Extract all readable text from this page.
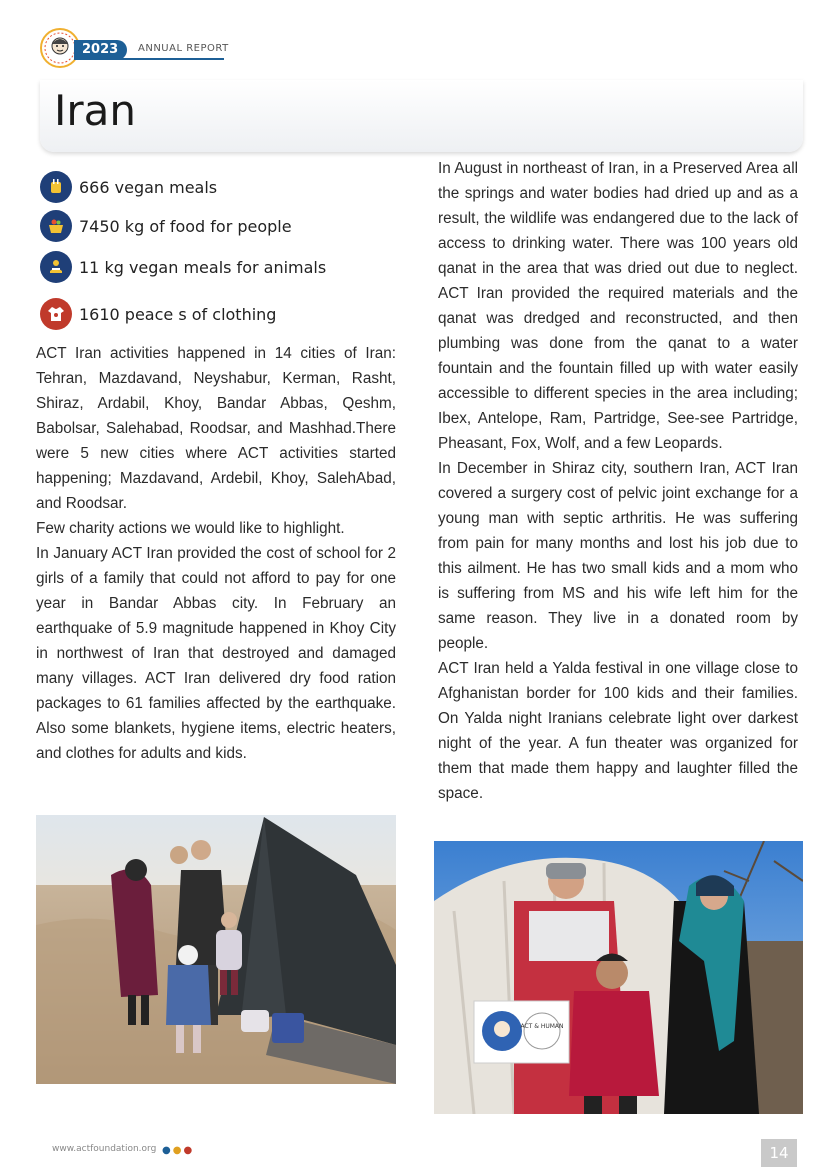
2023	ANNUAL REPORT
Iran
666 vegan meals
7450 kg of food for people
11 kg vegan meals for animals
1610 peace s of clothing

ACT Iran activities happened in 14 cities of Iran: Tehran, Mazdavand, Neyshabur, Kerman, Rasht, Shiraz, Ardabil, Khoy, Bandar Abbas, Qeshm, Babolsar, Salehabad, Roodsar, and Mashhad.There were 5 new cities where ACT activities started happening; Mazdavand, Ardebil, Khoy, SalehAbad, and Roodsar.

Few charity actions we would like to highlight.

In January ACT Iran provided the cost of school for 2 girls of a family that could not afford to pay for one year in Bandar Abbas city. In February an earthquake of 5.9 magnitude happened in Khoy City in northwest of Iran that destroyed and damaged many villages. ACT Iran delivered dry food ration packages to 61 families affected by the earthquake. Also some blankets, hygiene items, electric heaters, and clothes for adults and kids.

In August in northeast of Iran, in a Preserved Area all the springs and water bodies had dried up and as a result, the wildlife was endangered due to the lack of access to drinking water. There was 100 years old qanat in the area that was dried out due to neglect. ACT Iran provided the required materials and the qanat was dredged and reconstructed, and then plumbing was done from the qanat to a water fountain and the fountain filled up with water easily accessible to different species in the area including; Ibex, Antelope, Ram, Partridge, See-see Partridge, Pheasant, Fox, Wolf, and a few Leopards.

In December in Shiraz city, southern Iran, ACT Iran covered a surgery cost of pelvic joint exchange for a young man with septic arthritis. He was suffering from pain for many months and lost his job due to this ailment. He has two small kids and a mom who is suffering from MS and his wife left him for the same reason. They live in a donated room by people.

ACT Iran held a Yalda festival in one village close to Afghanistan border for 100 kids and their families. On Yalda night Iranians celebrate light over darkest night of the year. A fun theater was organized for them that made them happy and laughter filled the space.

ACT & HUMAN
www.actfoundation.org ●●●	14
